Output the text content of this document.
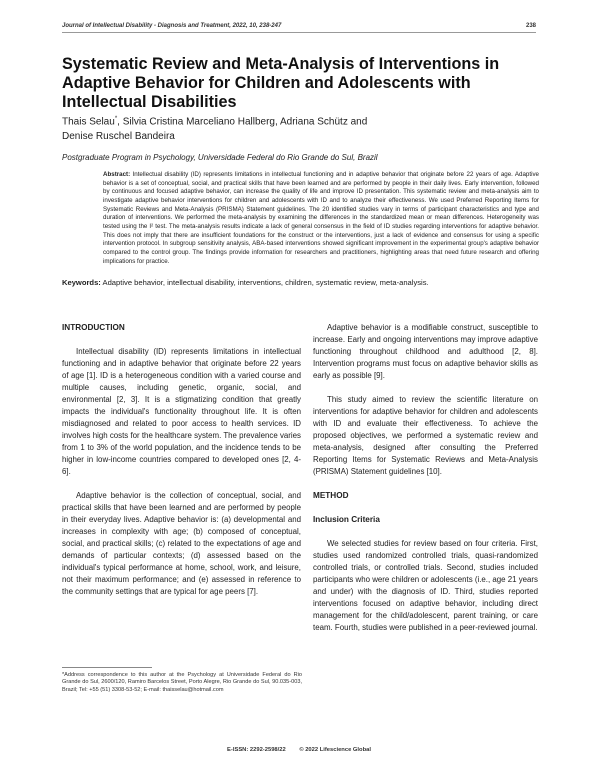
Journal of Intellectual Disability - Diagnosis and Treatment, 2022, 10, 238-247	238
Systematic Review and Meta-Analysis of Interventions in Adaptive Behavior for Children and Adolescents with Intellectual Disabilities
Thais Selau*, Silvia Cristina Marceliano Hallberg, Adriana Schütz and
Denise Ruschel Bandeira
Postgraduate Program in Psychology, Universidade Federal do Rio Grande do Sul, Brazil
Abstract: Intellectual disability (ID) represents limitations in intellectual functioning and in adaptive behavior that originate before 22 years of age. Adaptive behavior is a set of conceptual, social, and practical skills that have been learned and are performed by people in their daily lives. Early intervention, followed by continuous and focused adaptive behavior, can increase the quality of life and improve ID presentation. This systematic review and meta-analysis aim to investigate adaptive behavior interventions for children and adolescents with ID and to analyze their effectiveness. We used Preferred Reporting Items for Systematic Reviews and Meta-Analysis (PRISMA) Statement guidelines. The 20 identified studies vary in terms of participant characteristics and type and duration of interventions. We performed the meta-analysis by examining the differences in the standardized mean or mean differences. Heterogeneity was tested using the I² test. The meta-analysis results indicate a lack of general consensus in the field of ID studies regarding interventions for adaptive behavior. This does not imply that there are insufficient foundations for the construct or the interventions, just a lack of evidence and consensus for using a specific intervention protocol. In subgroup sensitivity analysis, ABA-based interventions showed significant improvement in the experimental group's adaptive behavior compared to the control group. The findings provide information for researchers and practitioners, highlighting areas that need future research and offering implications for practice.
Keywords: Adaptive behavior, intellectual disability, interventions, children, systematic review, meta-analysis.

INTRODUCTION

Intellectual disability (ID) represents limitations in intellectual functioning and in adaptive behavior that originate before 22 years of age [1]. ID is a heterogeneous condition with a varied course and multiple causes, including genetic, organic, social, and environmental [2, 3]. It is a stigmatizing condition that greatly impacts the individual's functionality throughout life. It is often misdiagnosed and related to poor access to health services. ID involves high costs for the healthcare system. The prevalence varies from 1 to 3% of the world population, and the incidence tends to be higher in low-income countries compared to developed ones [2, 4-6].

Adaptive behavior is the collection of conceptual, social, and practical skills that have been learned and are performed by people in their everyday lives. Adaptive behavior is: (a) developmental and increases in complexity with age; (b) composed of conceptual, social, and practical skills; (c) related to the expectations of age and demands of particular contexts; (d) assessed based on the individual's typical performance at home, school, work, and leisure, not their maximum performance; and (e) assessed in reference to the community settings that are typical for age peers [7].

Adaptive behavior is a modifiable construct, susceptible to increase. Early and ongoing interventions may improve adaptive functioning throughout childhood and adulthood [2, 8]. Intervention programs must focus on adaptive behavior skills as early as possible [9].

This study aimed to review the scientific literature on interventions for adaptive behavior for children and adolescents with ID and evaluate their effectiveness. To achieve the proposed objectives, we performed a systematic review and meta-analysis, designed after consulting the Preferred Reporting Items for Systematic Reviews and Meta-Analysis (PRISMA) Statement guidelines [10].

METHOD

Inclusion Criteria

We selected studies for review based on four criteria. First, studies used randomized controlled trials, quasi-randomized controlled trials, or controlled trials. Second, studies included participants who were children or adolescents (i.e., age 21 years and under) with the diagnosis of ID. Third, studies reported interventions focused on adaptive behavior, including direct management for the child/adolescent, parent training, or care team. Fourth, studies were published in a peer-reviewed journal.

*Address correspondence to this author at the Psychology at Universidade Federal do Rio Grande do Sul, 2600/120, Ramiro Barcelos Street, Porto Alegre, Rio Grande do Sul, 90.035-003, Brazil; Tel: +55 (51) 3308-53-52; E-mail: thaisselau@hotmail.com
E-ISSN: 2292-2598/22 © 2022 Lifescience Global
